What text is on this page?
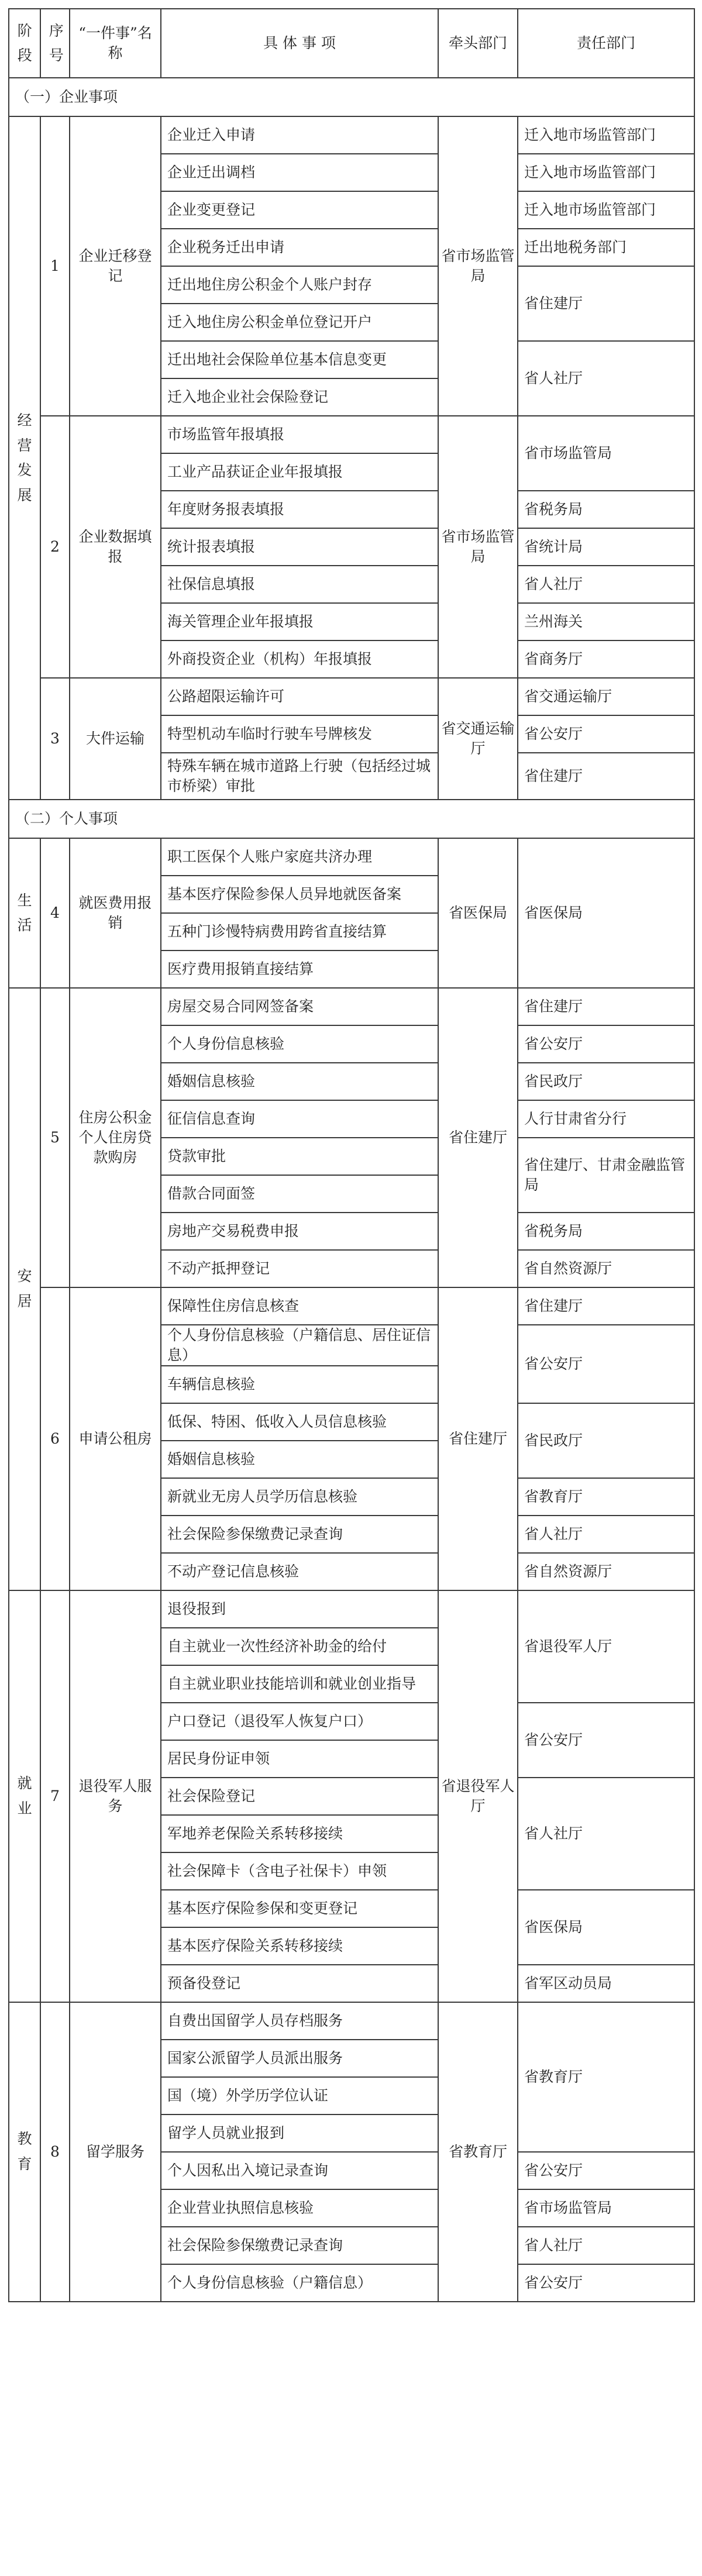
阶段	序号	“一件事”名称	具 体 事 项	牵头部门	责任部门
（一）企业事项					
经营发展	1	企业迁移登记	企业迁入申请	省市场监管局	迁入地市场监管部门
			企业迁出调档		迁入地市场监管部门
			企业变更登记		迁入地市场监管部门
			企业税务迁出申请		迁出地税务部门
			迁出地住房公积金个人账户封存		省住建厅
			迁入地住房公积金单位登记开户		
			迁出地社会保险单位基本信息变更		省人社厅
			迁入地企业社会保险登记		
	2	企业数据填报	市场监管年报填报	省市场监管局	省市场监管局
			工业产品获证企业年报填报		
			年度财务报表填报		省税务局
			统计报表填报		省统计局
			社保信息填报		省人社厅
			海关管理企业年报填报		兰州海关
			外商投资企业（机构）年报填报		省商务厅
	3	大件运输	公路超限运输许可	省交通运输厅	省交通运输厅
			特型机动车临时行驶车号牌核发		省公安厅
			特殊车辆在城市道路上行驶（包括经过城市桥梁）审批		省住建厅
（二）个人事项					
生活	4	就医费用报销	职工医保个人账户家庭共济办理	省医保局	省医保局
			基本医疗保险参保人员异地就医备案		
			五种门诊慢特病费用跨省直接结算		
			医疗费用报销直接结算		
安居	5	住房公积金个人住房贷款购房	房屋交易合同网签备案	省住建厅	省住建厅
			个人身份信息核验		省公安厅
			婚姻信息核验		省民政厅
			征信信息查询		人行甘肃省分行
			贷款审批		省住建厅、甘肃金融监管局
			借款合同面签		
			房地产交易税费申报		省税务局
			不动产抵押登记		省自然资源厅
	6	申请公租房	保障性住房信息核查	省住建厅	省住建厅
			个人身份信息核验（户籍信息、居住证信息）		省公安厅
			车辆信息核验		
			低保、特困、低收入人员信息核验		省民政厅
			婚姻信息核验		
			新就业无房人员学历信息核验		省教育厅
			社会保险参保缴费记录查询		省人社厅
			不动产登记信息核验		省自然资源厅
就业	7	退役军人服务	退役报到	省退役军人厅	省退役军人厅
			自主就业一次性经济补助金的给付		
			自主就业职业技能培训和就业创业指导		
			户口登记（退役军人恢复户口）		省公安厅
			居民身份证申领		
			社会保险登记		省人社厅
			军地养老保险关系转移接续		
			社会保障卡（含电子社保卡）申领		
			基本医疗保险参保和变更登记		省医保局
			基本医疗保险关系转移接续		
			预备役登记		省军区动员局
教育	8	留学服务	自费出国留学人员存档服务	省教育厅	省教育厅
			国家公派留学人员派出服务		
			国（境）外学历学位认证		
			留学人员就业报到		
			个人因私出入境记录查询		省公安厅
			企业营业执照信息核验		省市场监管局
			社会保险参保缴费记录查询		省人社厅
			个人身份信息核验（户籍信息）		省公安厅
